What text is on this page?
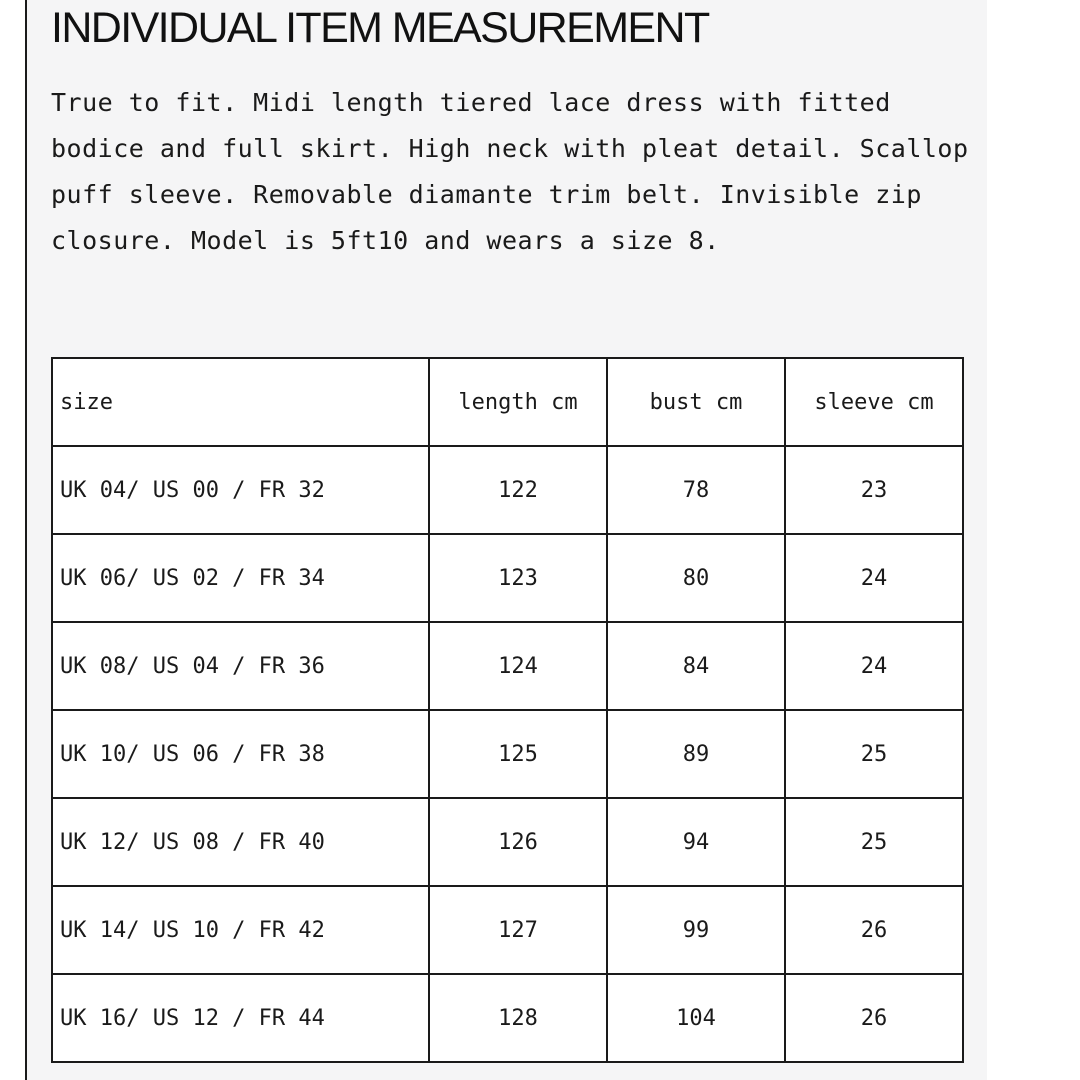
INDIVIDUAL ITEM MEASUREMENT

True to fit. Midi length tiered lace dress with fitted bodice and full skirt. High neck with pleat detail. Scallop puff sleeve. Removable diamante trim belt. Invisible zip closure. Model is 5ft10 and wears a size 8.

size	length cm	bust cm	sleeve cm
UK 04/ US 00 / FR 32	122	78	23
UK 06/ US 02 / FR 34	123	80	24
UK 08/ US 04 / FR 36	124	84	24
UK 10/ US 06 / FR 38	125	89	25
UK 12/ US 08 / FR 40	126	94	25
UK 14/ US 10 / FR 42	127	99	26
UK 16/ US 12 / FR 44	128	104	26
